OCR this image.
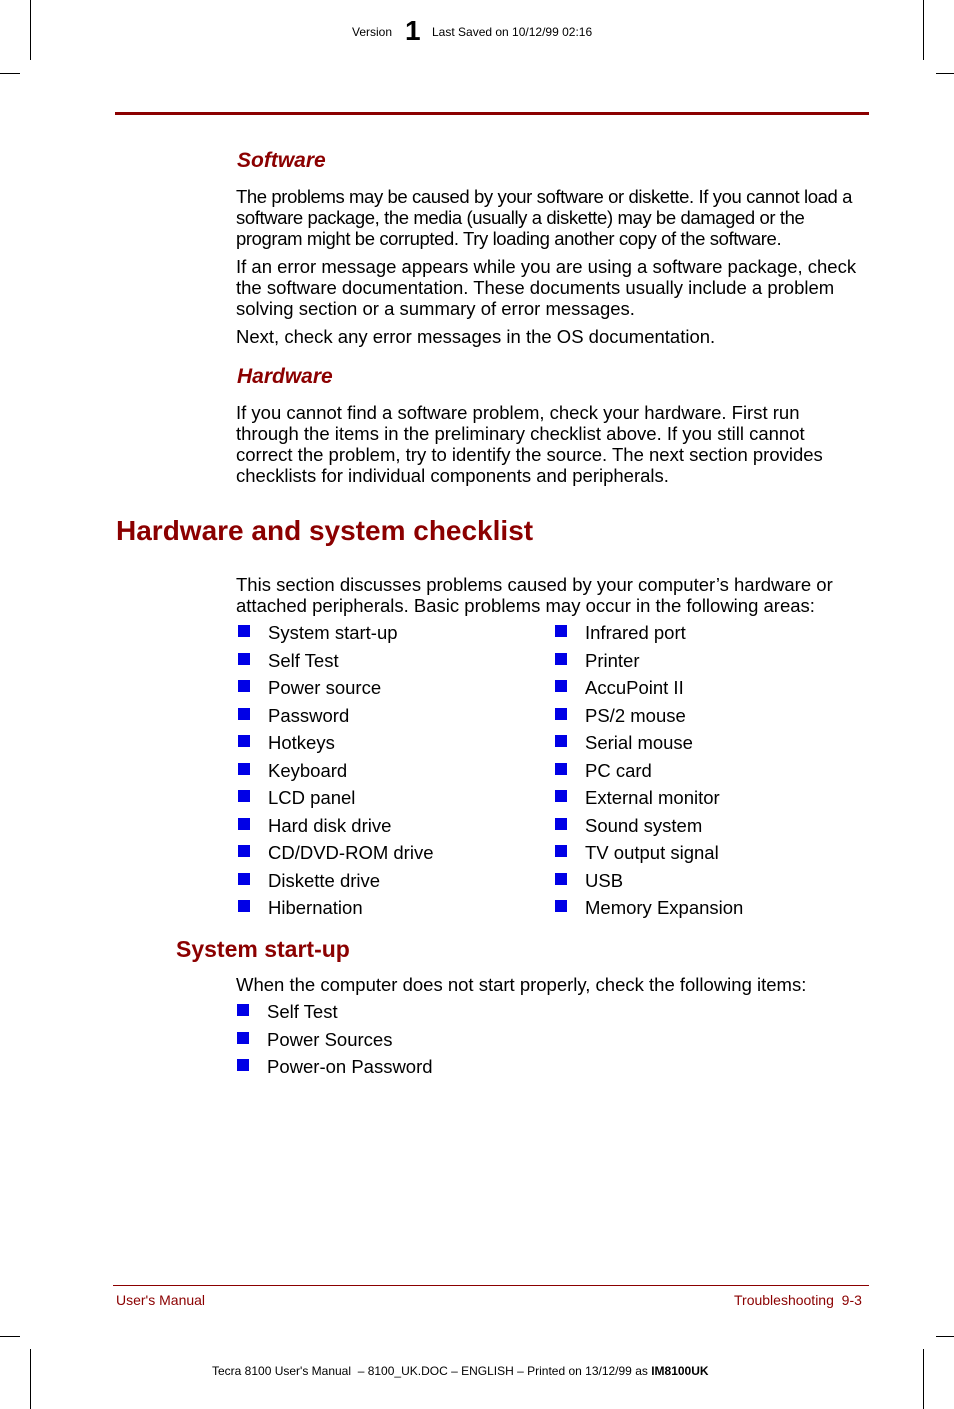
Version 1 Last Saved on 10/12/99 02:16
Software

The problems may be caused by your software or diskette. If you cannot load a software package, the media (usually a diskette) may be damaged or the program might be corrupted. Try loading another copy of the software.

If an error message appears while you are using a software package, check the software documentation. These documents usually include a problem solving section or a summary of error messages.

Next, check any error messages in the OS documentation.

Hardware

If you cannot find a software problem, check your hardware. First run through the items in the preliminary checklist above. If you still cannot correct the problem, try to identify the source. The next section provides checklists for individual components and peripherals.

Hardware and system checklist

This section discusses problems caused by your computer’s hardware or attached peripherals. Basic problems may occur in the following areas:

System start-up
Self Test
Power source
Password
Hotkeys
Keyboard
LCD panel
Hard disk drive
CD/DVD-ROM drive
Diskette drive
Hibernation
Infrared port
Printer
AccuPoint II
PS/2 mouse
Serial mouse
PC card
External monitor
Sound system
TV output signal
USB
Memory Expansion
System start-up

When the computer does not start properly, check the following items:

Self Test
Power Sources
Power-on Password
User's Manual	Troubleshooting  9-3
Tecra 8100 User's Manual  – 8100_UK.DOC – ENGLISH – Printed on 13/12/99 as IM8100UK
